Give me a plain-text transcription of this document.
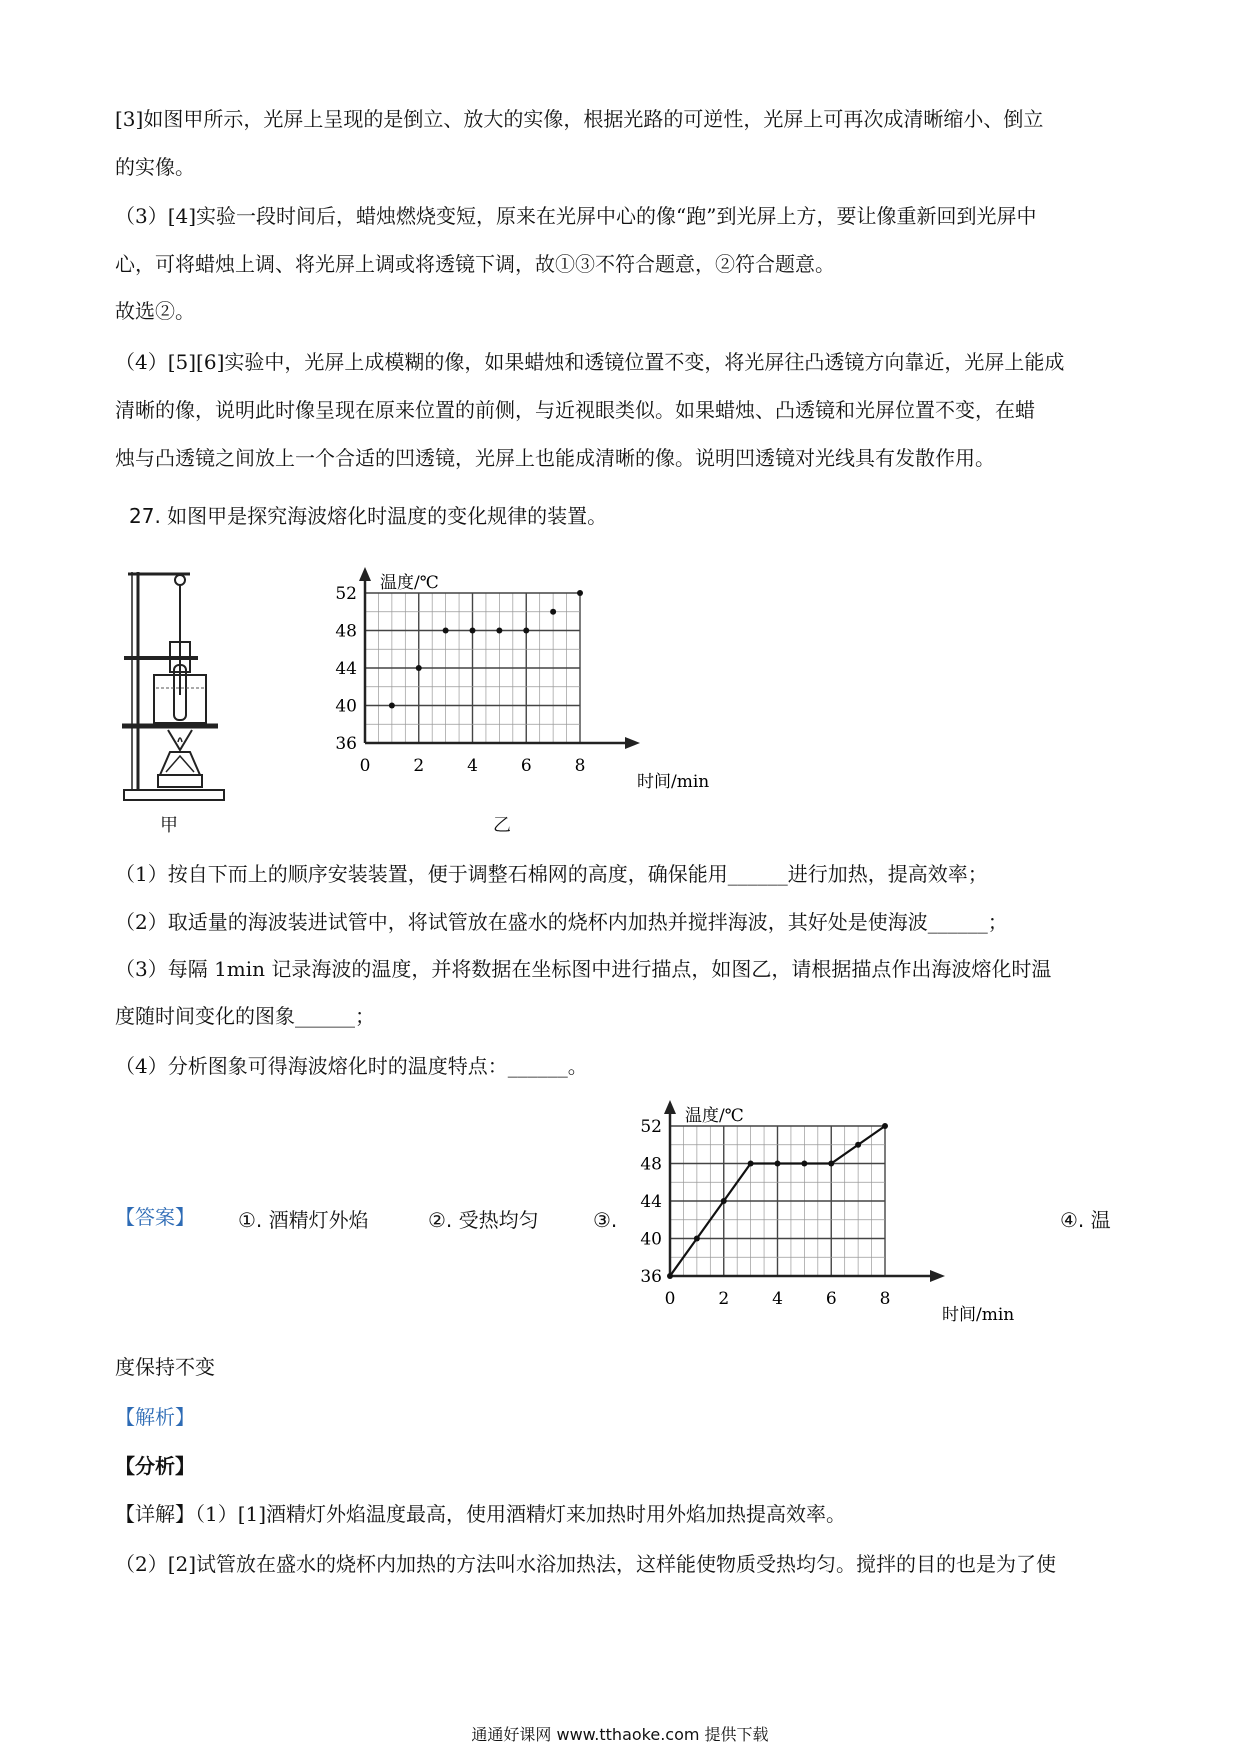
[3]如图甲所示，光屏上呈现的是倒立、放大的实像，根据光路的可逆性，光屏上可再次成清晰缩小、倒立
的实像。
（3）[4]实验一段时间后，蜡烛燃烧变短，原来在光屏中心的像“跑”到光屏上方，要让像重新回到光屏中
心，可将蜡烛上调、将光屏上调或将透镜下调，故①③不符合题意，②符合题意。
故选②。
（4）[5][6]实验中，光屏上成模糊的像，如果蜡烛和透镜位置不变，将光屏往凸透镜方向靠近，光屏上能成
清晰的像，说明此时像呈现在原来位置的前侧，与近视眼类似。如果蜡烛、凸透镜和光屏位置不变，在蜡
烛与凸透镜之间放上一个合适的凹透镜，光屏上也能成清晰的像。说明凹透镜对光线具有发散作用。
27. 如图甲是探究海波熔化时温度的变化规律的装置。
甲
0	2	4	6	8
36
40
44
48
52
温度/℃
时间/min
乙
（1）按自下而上的顺序安装装置，便于调整石棉网的高度，确保能用______进行加热，提高效率；
（2）取适量的海波装进试管中，将试管放在盛水的烧杯内加热并搅拌海波，其好处是使海波______；
（3）每隔 1min 记录海波的温度，并将数据在坐标图中进行描点，如图乙，请根据描点作出海波熔化时温
度随时间变化的图象______；
（4）分析图象可得海波熔化时的温度特点：______。
【答案】 ①. 酒精灯外焰	②. 受热均匀	③.
0	2	4	6	8
36
40
44
48
52
温度/℃
时间/min
④. 温
度保持不变
【解析】
【分析】
【详解】（1）[1]酒精灯外焰温度最高，使用酒精灯来加热时用外焰加热提高效率。
（2）[2]试管放在盛水的烧杯内加热的方法叫水浴加热法，这样能使物质受热均匀。搅拌的目的也是为了使
通通好课网 www.tthaoke.com 提供下载
